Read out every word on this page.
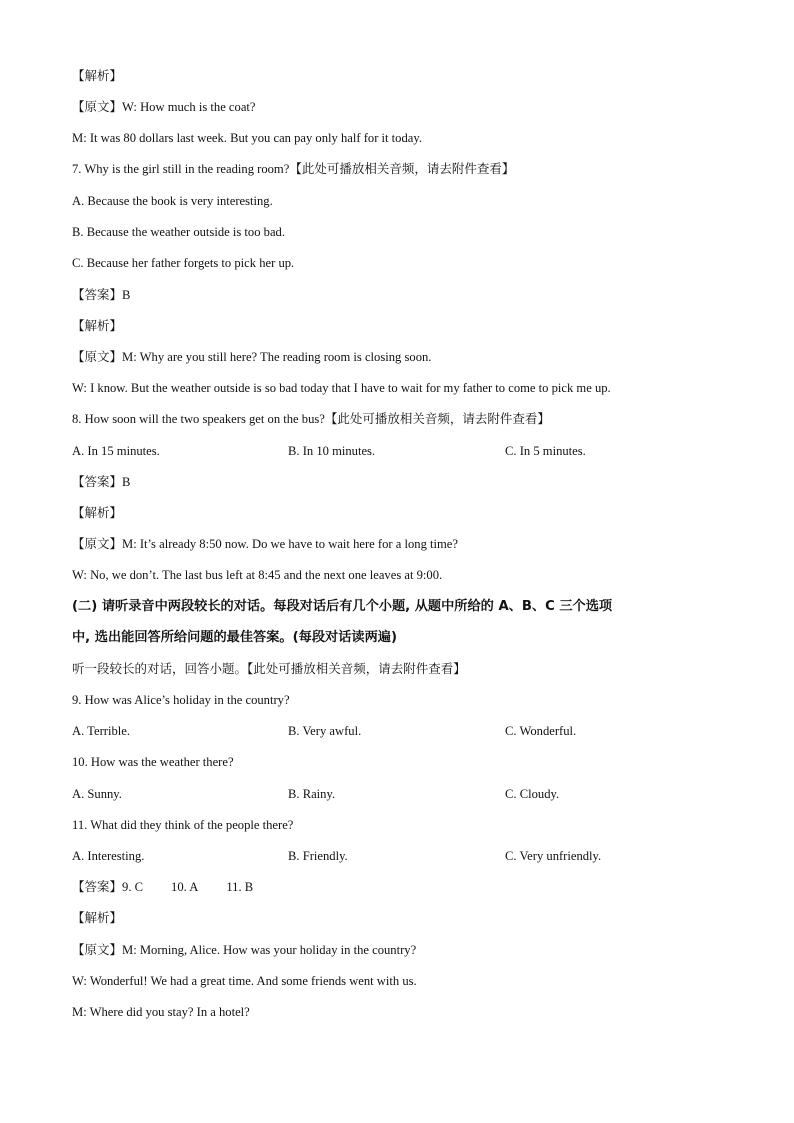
【解析】
【原文】W: How much is the coat?
M: It was 80 dollars last week. But you can pay only half for it today.
7. Why is the girl still in the reading room?【此处可播放相关音频，请去附件查看】
A. Because the book is very interesting.
B. Because the weather outside is too bad.
C. Because her father forgets to pick her up.
【答案】B
【解析】
【原文】M: Why are you still here? The reading room is closing soon.
W: I know. But the weather outside is so bad today that I have to wait for my father to come to pick me up.
8. How soon will the two speakers get on the bus?【此处可播放相关音频，请去附件查看】
A. In 15 minutes.	B. In 10 minutes.	C. In 5 minutes.
【答案】B
【解析】
【原文】M: It’s already 8:50 now. Do we have to wait here for a long time?
W: No, we don’t. The last bus left at 8:45 and the next one leaves at 9:00.
(二) 请听录音中两段较长的对话。每段对话后有几个小题, 从题中所给的 A、B、C 三个选项
中, 选出能回答所给问题的最佳答案。(每段对话读两遍)
听一段较长的对话，回答小题。【此处可播放相关音频，请去附件查看】
9. How was Alice’s holiday in the country?
A. Terrible.	B. Very awful.	C. Wonderful.
10. How was the weather there?
A. Sunny.	B. Rainy.	C. Cloudy.
11. What did they think of the people there?
A. Interesting.	B. Friendly.	C. Very unfriendly.
【答案】9. C 10. A 11. B
【解析】
【原文】M: Morning, Alice. How was your holiday in the country?
W: Wonderful! We had a great time. And some friends went with us.
M: Where did you stay? In a hotel?
